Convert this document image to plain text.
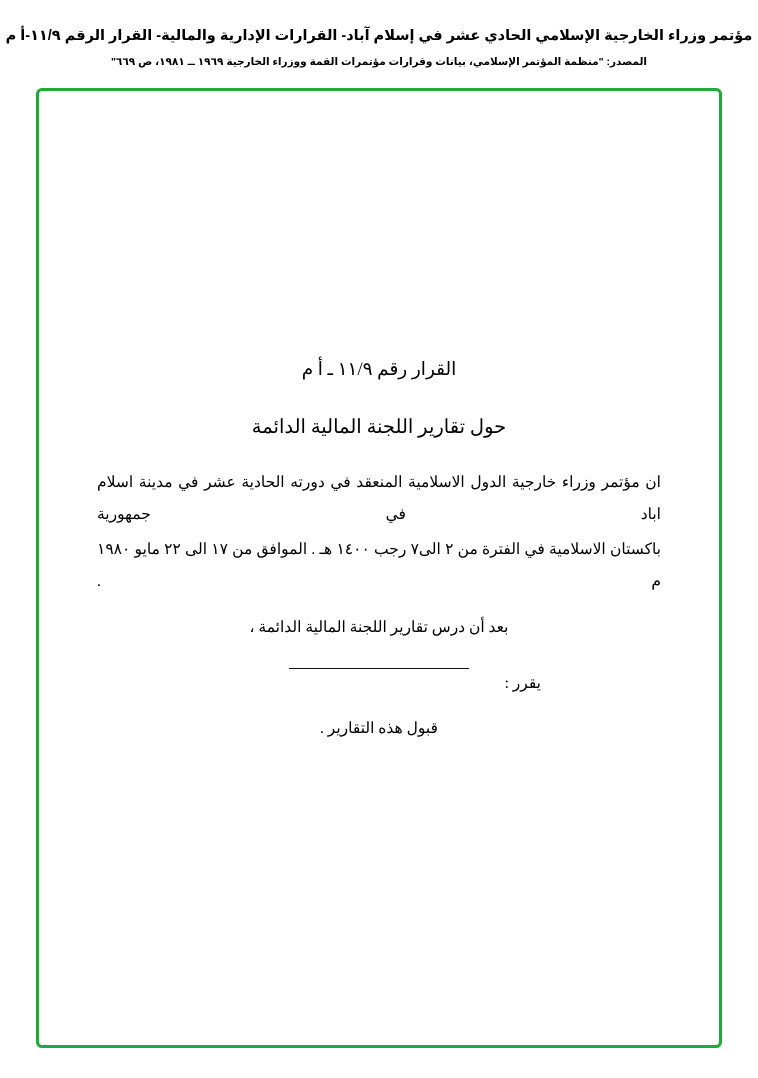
مؤتمر وزراء الخارجية الإسلامي الحادي عشر في إسلام آباد- القرارات الإدارية والمالية- القرار الرقم ١١/٩-أ م
المصدر: "منظمة المؤتمر الإسلامي، بيانات وقرارات مؤتمرات القمة ووزراء الخارجية ١٩٦٩ ــ ١٩٨١، ص ٦٦٩"
القرار رقم ١١/٩ ـ أ م
حول تقارير اللجنة المالية الدائمة

ان مؤتمر وزراء خارجية الدول الاسلامية المنعقد في دورته الحادية عشر في مدينة اسلام اباد في جمهورية

باكستان الاسلامية في الفترة من ٢ الى٧ رجب ١٤٠٠ هـ . الموافق من ١٧ الى ٢٢ مايو ١٩٨٠ م .

بعد أن درس تقارير اللجنة المالية الدائمة ،

يقرر :

قبول هذه التقارير .
